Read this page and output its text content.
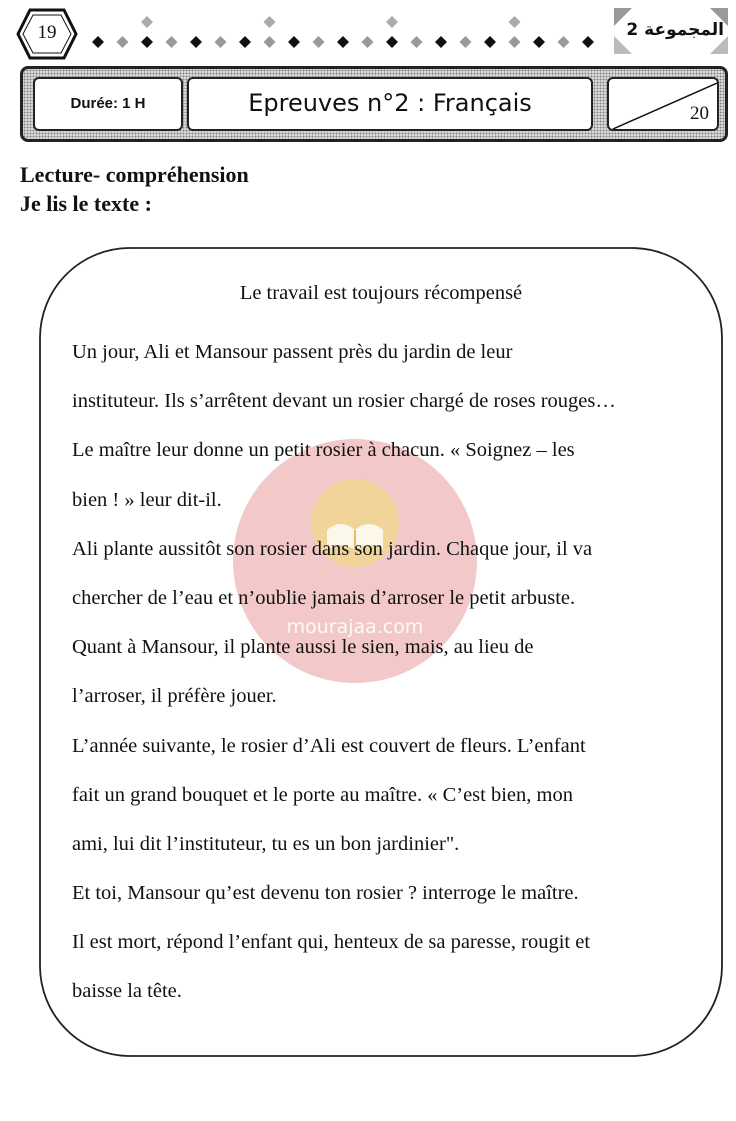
19	المجموعة 2
Durée: 1 H	Epreuves n°2 : Français	20
Lecture- compréhension
Je lis le texte :
mourajaa.com
Le travail est toujours récompensé
Un jour, Ali et Mansour passent près du jardin de leur
instituteur. Ils s’arrêtent devant un rosier chargé de roses rouges…
Le maître leur donne un petit rosier à chacun. « Soignez – les
bien ! » leur dit-il.
Ali plante aussitôt son rosier dans son jardin. Chaque jour, il va
chercher de l’eau et n’oublie jamais d’arroser le petit arbuste.
Quant à Mansour, il plante aussi le sien, mais, au lieu de
l’arroser, il préfère jouer.
L’année suivante, le rosier d’Ali est couvert de fleurs. L’enfant
fait un grand bouquet et le porte au maître. « C’est bien, mon
ami, lui dit l’instituteur, tu es un bon jardinier".
Et toi, Mansour qu’est devenu ton rosier ? interroge le maître.
Il est mort, répond l’enfant qui, henteux de sa paresse, rougit et
baisse la tête.
